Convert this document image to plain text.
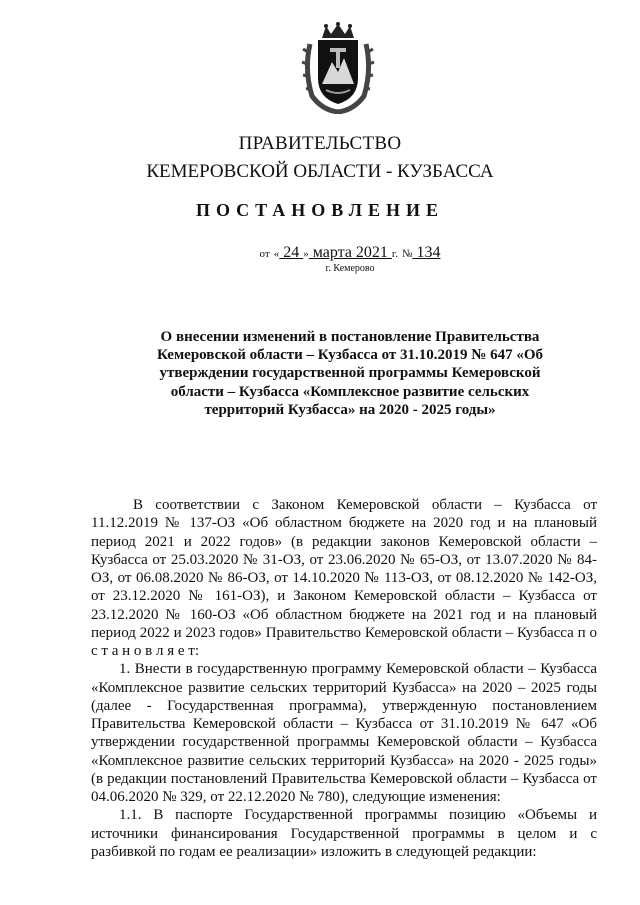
ПРАВИТЕЛЬСТВО
КЕМЕРОВСКОЙ ОБЛАСТИ - КУЗБАССА
ПОСТАНОВЛЕНИЕ
от « 24 » марта 2021 г. № 134
г. Кемерово
О внесении изменений в постановление Правительства Кемеровской области – Кузбасса от 31.10.2019 № 647 «Об утверждении государственной программы Кемеровской области – Кузбасса «Комплексное развитие сельских территорий Кузбасса» на 2020 - 2025 годы»

В соответствии с Законом Кемеровской области – Кузбасса от 11.12.2019 № 137-ОЗ «Об областном бюджете на 2020 год и на плановый период 2021 и 2022 годов» (в редакции законов Кемеровской области – Кузбасса от 25.03.2020 № 31-ОЗ, от 23.06.2020 № 65-ОЗ, от 13.07.2020 № 84-ОЗ, от 06.08.2020 № 86-ОЗ, от 14.10.2020 № 113-ОЗ, от 08.12.2020 № 142-ОЗ, от 23.12.2020 № 161-ОЗ), и Законом Кемеровской области – Кузбасса от 23.12.2020 № 160-ОЗ «Об областном бюджете на 2021 год и на плановый период 2022 и 2023 годов» Правительство Кемеровской области – Кузбасса п о с т а н о в л я е т:

1. Внести в государственную программу Кемеровской области – Кузбасса «Комплексное развитие сельских территорий Кузбасса» на 2020 – 2025 годы (далее - Государственная программа), утвержденную постановлением Правительства Кемеровской области – Кузбасса от 31.10.2019 № 647 «Об утверждении государственной программы Кемеровской области – Кузбасса «Комплексное развитие сельских территорий Кузбасса» на 2020 - 2025 годы» (в редакции постановлений Правительства Кемеровской области – Кузбасса от 04.06.2020 № 329, от 22.12.2020 № 780), следующие изменения:

1.1. В паспорте Государственной программы позицию «Объемы и источники финансирования Государственной программы в целом и с разбивкой по годам ее реализации» изложить в следующей редакции:
